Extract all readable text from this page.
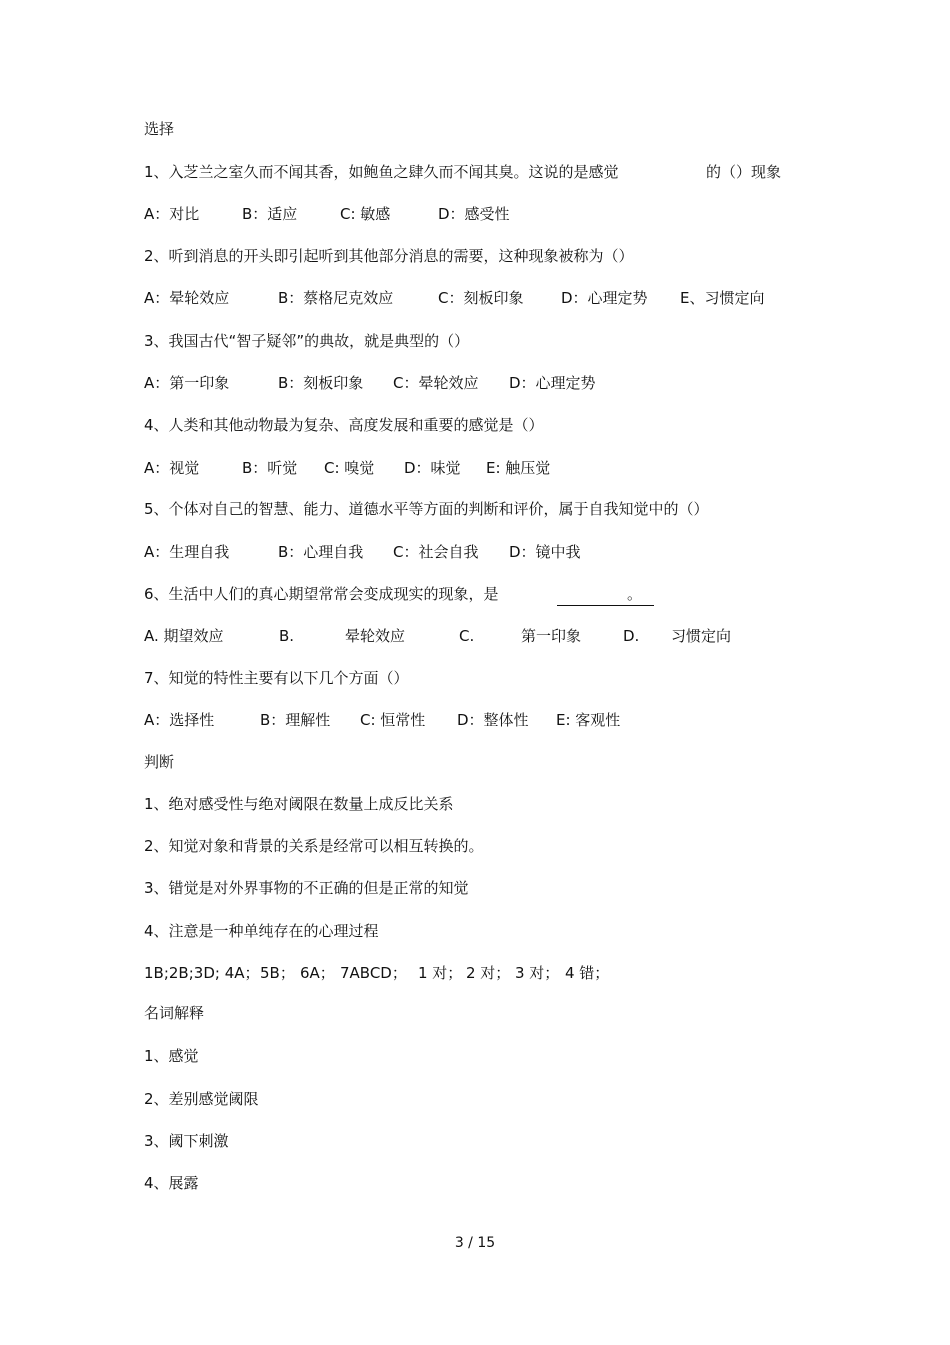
选择
1、入芝兰之室久而不闻其香，如鲍鱼之肆久而不闻其臭。这说的是感觉	的（）现象
A：对比	B：适应	C: 敏感	D：感受性
2、听到消息的开头即引起听到其他部分消息的需要，这种现象被称为（）
A：晕轮效应	B：蔡格尼克效应	C：刻板印象	D：心理定势 E、习惯定向
3、我国古代“智子疑邻”的典故，就是典型的（）
A：第一印象	B：刻板印象 C：晕轮效应 D：心理定势
4、人类和其他动物最为复杂、高度发展和重要的感觉是（）
A：视觉	B：听觉 C: 嗅觉 D：味觉 E: 触压觉
5、个体对自己的智慧、能力、道德水平等方面的判断和评价，属于自我知觉中的（）
A：生理自我	B：心理自我 C：社会自我 D：镜中我
6、生活中人们的真心期望常常会变成现实的现象，是	。
A. 期望效应	B.	晕轮效应	C.	第一印象	D. 习惯定向
7、知觉的特性主要有以下几个方面（）
A：选择性	B：理解性 C: 恒常性 D：整体性 E: 客观性
判断
1、绝对感受性与绝对阈限在数量上成反比关系
2、知觉对象和背景的关系是经常可以相互转换的。
3、错觉是对外界事物的不正确的但是正常的知觉
4、注意是一种单纯存在的心理过程
1B;2B;3D; 4A； 5B； 6A； 7ABCD； 1 对； 2 对； 3 对； 4 错；
名词解释
1、感觉
2、差别感觉阈限
3、阈下刺激
4、展露
3 / 15
